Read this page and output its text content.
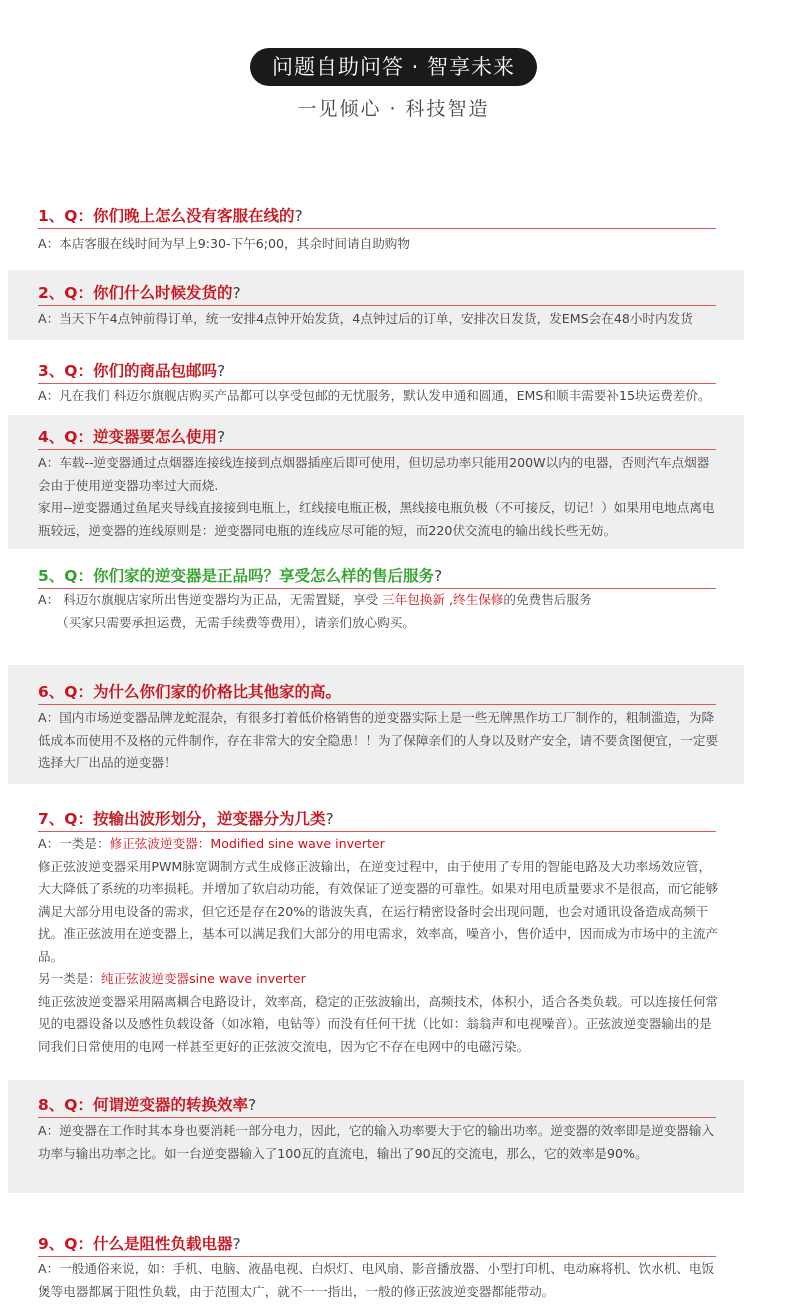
问题自助问答 · 智享未来
一见倾心 · 科技智造
1、Q：你们晚上怎么没有客服在线的?

A：本店客服在线时间为早上9:30-下午6;00，其余时间请自助购物

2、Q：你们什么时候发货的?

A：当天下午4点钟前得订单，统一安排4点钟开始发货，4点钟过后的订单，安排次日发货，发EMS会在48小时内发货

3、Q：你们的商品包邮吗?

A：凡在我们 科迈尔旗舰店购买产品都可以享受包邮的无忧服务，默认发申通和圆通，EMS和顺丰需要补15块运费差价。

4、Q：逆变器要怎么使用?

A：车载--逆变器通过点烟器连接线连接到点烟器插座后即可使用，但切忌功率只能用200W以内的电器，否则汽车点烟器会由于使用逆变器功率过大而烧.

家用--逆变器通过鱼尾夹导线直接接到电瓶上，红线接电瓶正极，黑线接电瓶负极（不可接反，切记！）如果用电地点离电瓶较远，逆变器的连线原则是：逆变器同电瓶的连线应尽可能的短，而220伏交流电的输出线长些无妨。

5、Q：你们家的逆变器是正品吗？享受怎么样的售后服务?

A： 科迈尔旗舰店家所出售逆变器均为正品，无需置疑，享受 三年包换新 ,终生保修的免费售后服务

（买家只需要承担运费，无需手续费等费用），请亲们放心购买。

6、Q：为什么你们家的价格比其他家的高。

A：国内市场逆变器品牌龙蛇混杂，有很多打着低价格销售的逆变器实际上是一些无牌黑作坊工厂制作的，粗制滥造，为降低成本而使用不及格的元件制作，存在非常大的安全隐患！！为了保障亲们的人身以及财产安全，请不要贪图便宜，一定要选择大厂出品的逆变器！

7、Q：按输出波形划分，逆变器分为几类?

A：一类是：修正弦波逆变器：Modified sine wave inverter

修正弦波逆变器采用PWM脉宽调制方式生成修正波输出，在逆变过程中，由于使用了专用的智能电路及大功率场效应管，大大降低了系统的功率损耗。并增加了软启动功能，有效保证了逆变器的可靠性。如果对用电质量要求不是很高，而它能够满足大部分用电设备的需求，但它还是存在20%的谐波失真，在运行精密设备时会出现问题，也会对通讯设备造成高频干扰。准正弦波用在逆变器上，基本可以满足我们大部分的用电需求，效率高，噪音小，售价适中，因而成为市场中的主流产品。

另一类是：纯正弦波逆变器sine wave inverter

纯正弦波逆变器采用隔离耦合电路设计，效率高，稳定的正弦波输出，高频技术，体积小，适合各类负载。可以连接任何常见的电器设备以及感性负载设备（如冰箱，电钻等）而没有任何干扰（比如：翁翁声和电视噪音）。正弦波逆变器输出的是同我们日常使用的电网一样甚至更好的正弦波交流电，因为它不存在电网中的电磁污染。

8、Q：何谓逆变器的转换效率?

A：逆变器在工作时其本身也要消耗一部分电力，因此，它的输入功率要大于它的输出功率。逆变器的效率即是逆变器输入功率与输出功率之比。如一台逆变器输入了100瓦的直流电，输出了90瓦的交流电，那么，它的效率是90%。

9、Q：什么是阻性负载电器?

A：一般通俗来说，如：手机、电脑、液晶电视、白炽灯、电风扇、影音播放器、小型打印机、电动麻将机、饮水机、电饭煲等电器都属于阻性负载，由于范围太广，就不一一指出，一般的修正弦波逆变器都能带动。
